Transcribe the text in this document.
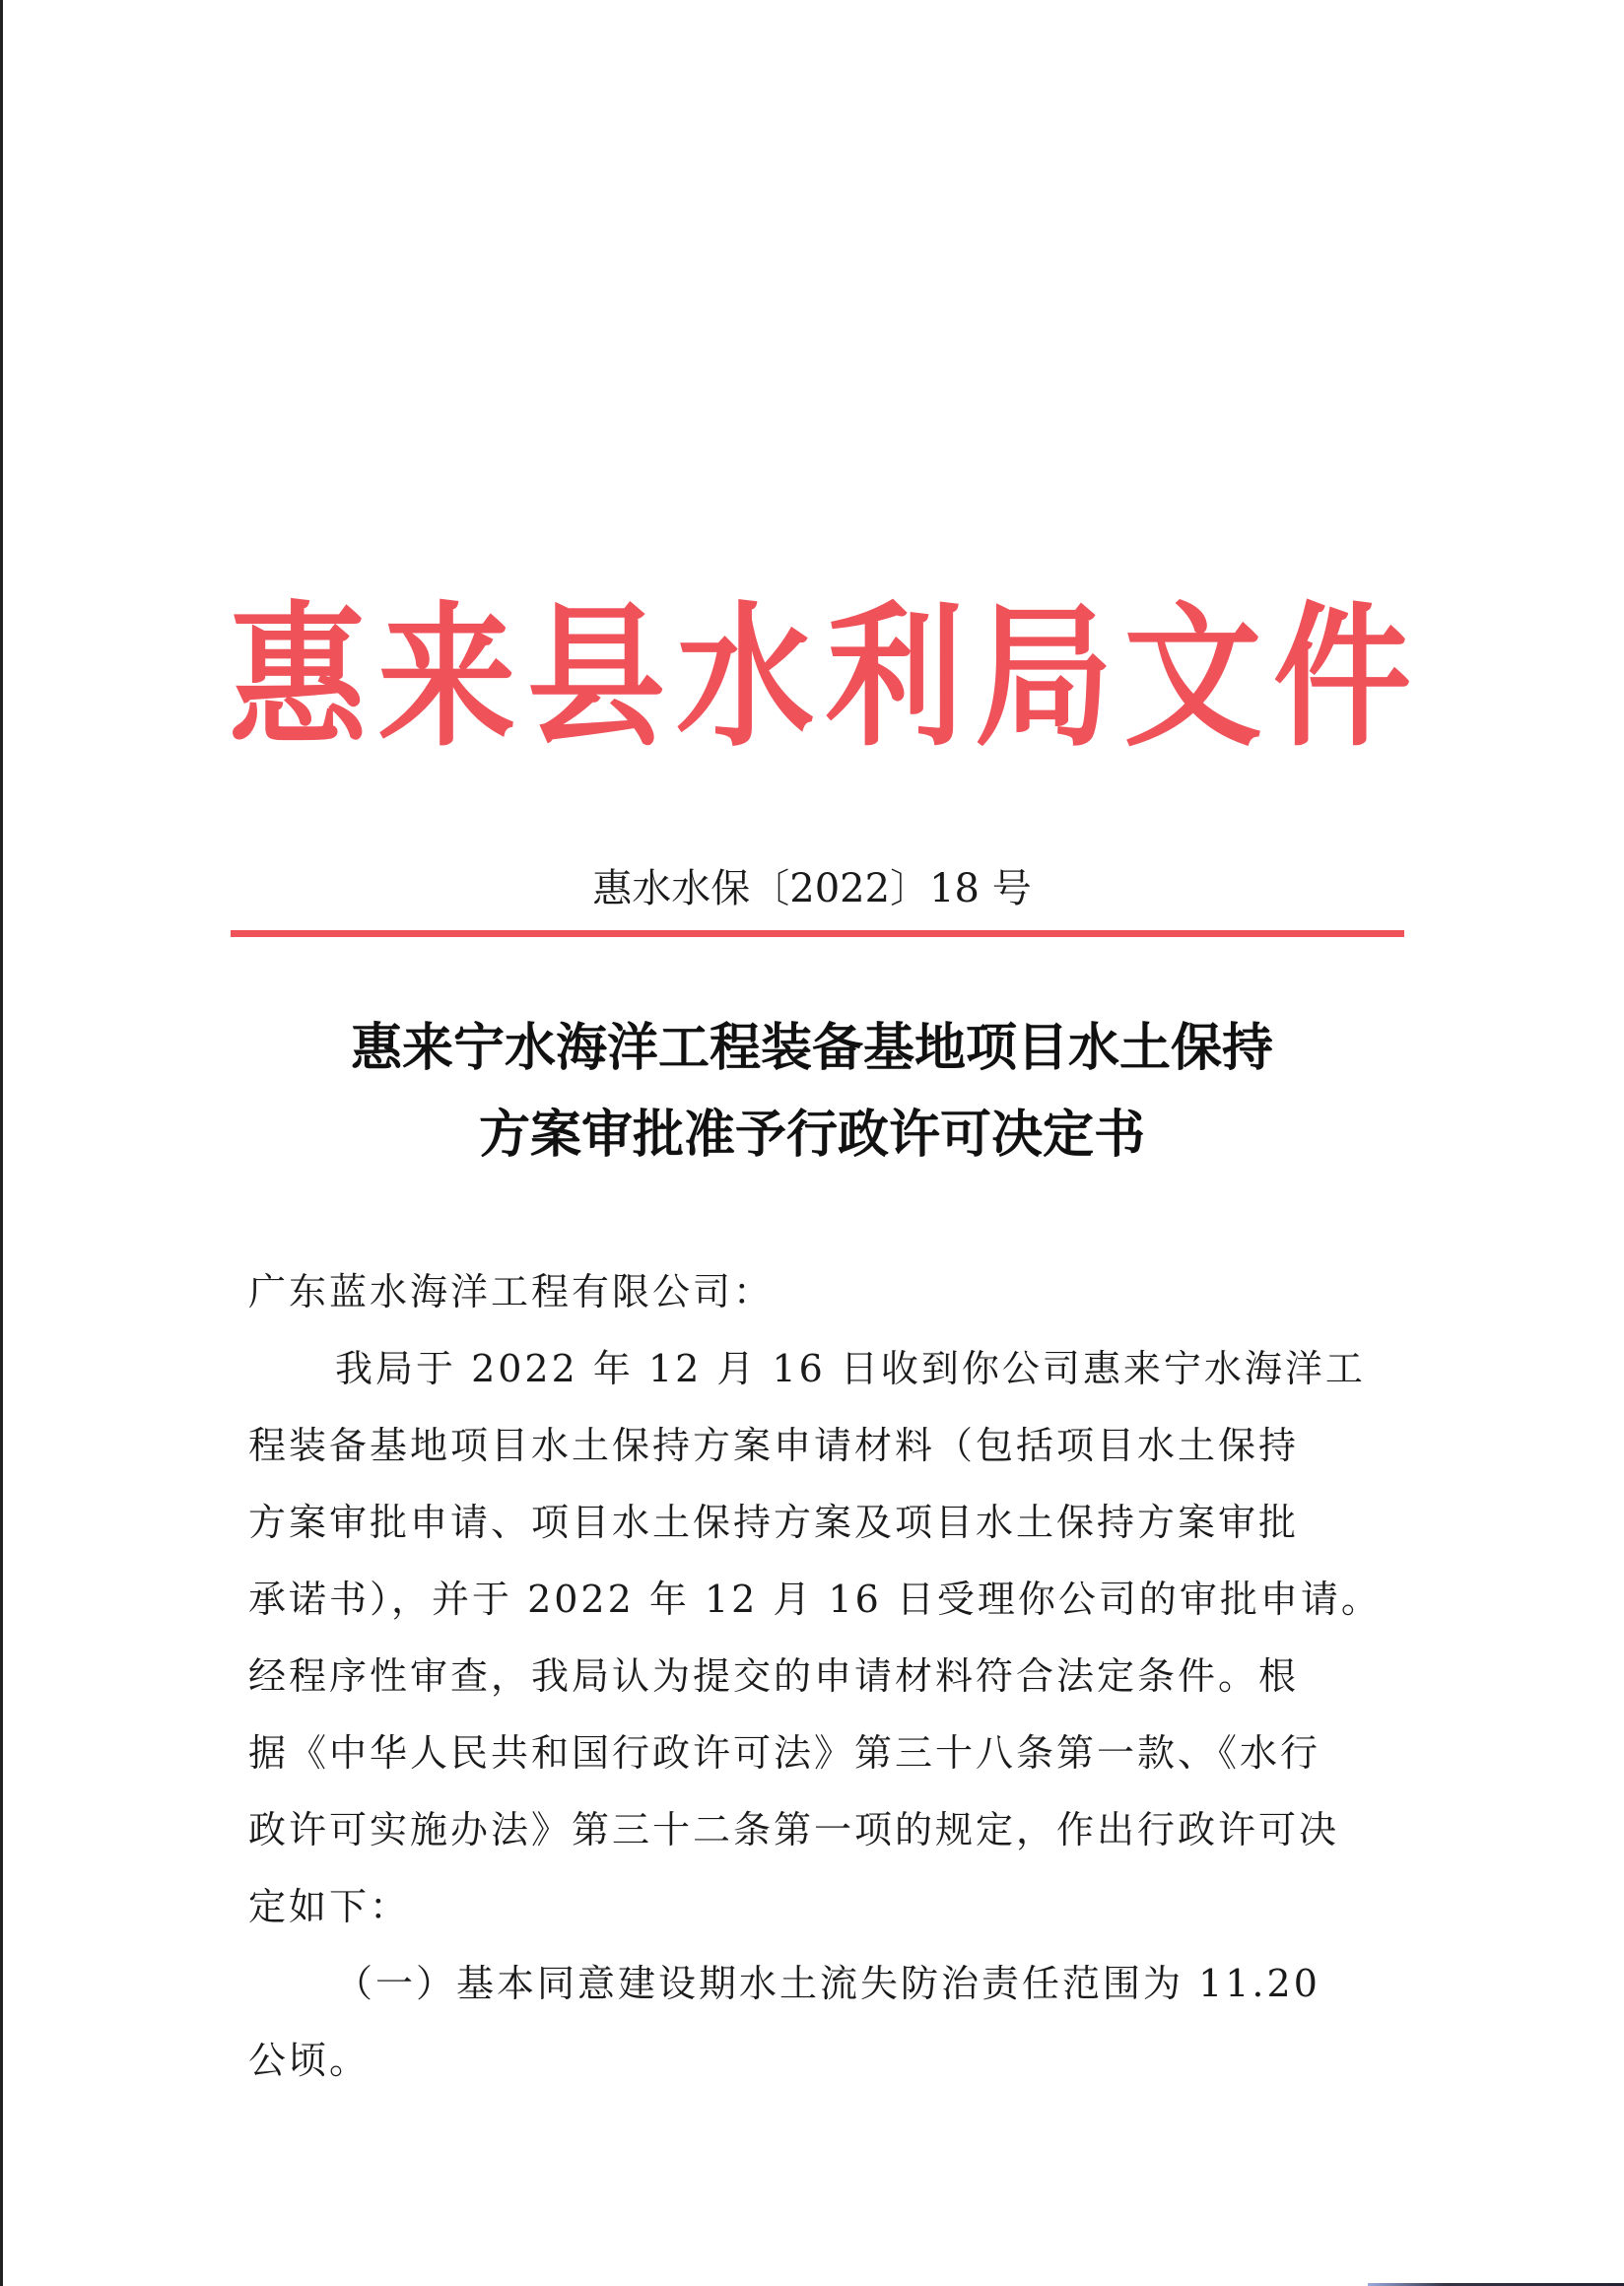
惠 来 县 水 利 局 文 件
惠水水保〔2022〕18 号
惠来宁水海洋工程装备基地项目水土保持
方案审批准予行政许可决定书
广东蓝水海洋工程有限公司：
我局于 2022 年 12 月 16 日收到你公司惠来宁水海洋工
程装备基地项目水土保持方案申请材料（包括项目水土保持
方案审批申请、项目水土保持方案及项目水土保持方案审批
承诺书），并于 2022 年 12 月 16 日受理你公司的审批申请。
经程序性审查，我局认为提交的申请材料符合法定条件。根
据《中华人民共和国行政许可法》第三十八条第一款、《水行
政许可实施办法》第三十二条第一项的规定，作出行政许可决
定如下：
（一）基本同意建设期水土流失防治责任范围为 11.20
公顷。
